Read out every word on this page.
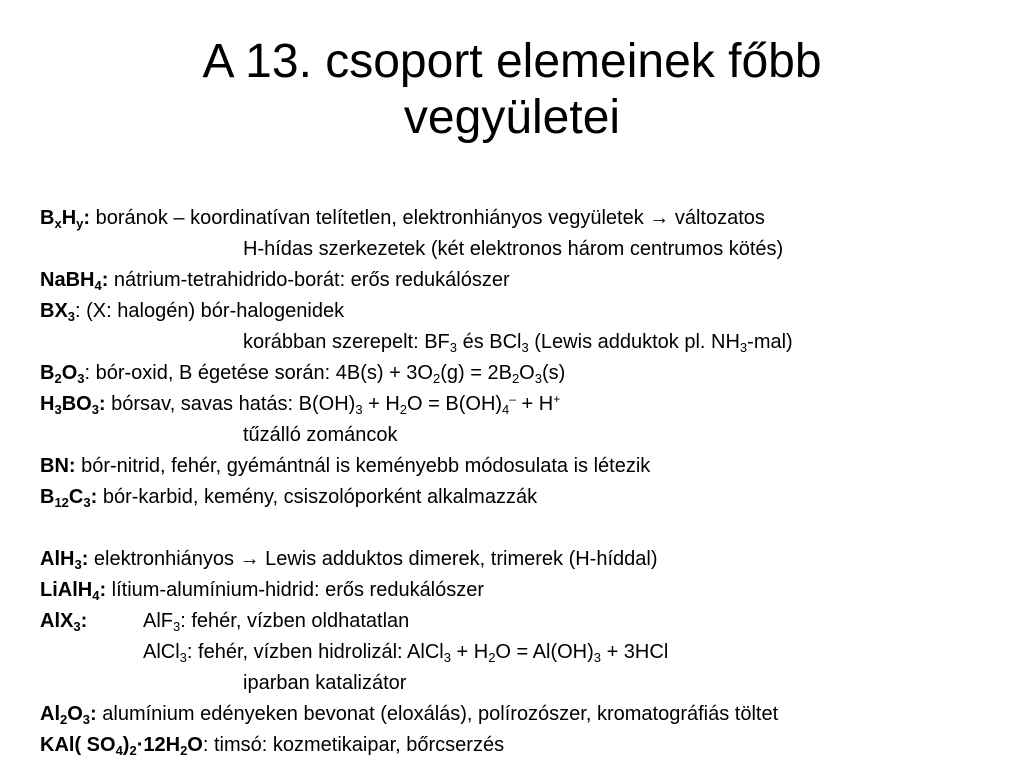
A 13. csoport elemeinek főbb
vegyületei
$B_xH_y$: boránok – koordinatívan telítetlen, elektronhiányos vegyületek → változatos
H-hídas szerkezetek (két elektronos három centrumos kötés)
NaBH$_4$: nátrium-tetrahidrido-borát: erős redukálószer
$BX_3$: (X: halogén) bór-halogenidek
korábban szerepelt: $BF_3$ és BCl$_3$ (Lewis adduktok pl. $NH_3-mal$)
$B_2O_3$: bór-oxid, B égetése során: $4B(s) + 3O_2(g) = 2B_2O_3(s)$
$H_3BO_3$: bórsav, savas hatás: $B(OH)_3 + H_2O = B(OH)_4^- + H^+$
tűzálló zománcok
BN: bór-nitrid, fehér, gyémántnál is keményebb módosulata is létezik
$B_{12}C_3$: bór-karbid, kemény, csiszolóporként alkalmazzák
AlH$_3$: elektronhiányos → Lewis adduktos dimerek, trimerek (H-híddal)
LiAlH$_4$: lítium-alumínium-hidrid: erős redukálószer
AlX$_3$:	AlF$_3$: fehér, vízben oldhatatlan
AlCl$_3$: fehér, vízben hidrolizál: AlCl$_3$ + $H_2O = Al(OH)_3 + 3HCl$
iparban katalizátor
$Al_2O_3$: alumínium edényeken bevonat (eloxálás), polírozószer, kromatográfiás töltet
KAl( $SO_4)_2\cdot 12H_2O$: timsó: kozmetikaipar, bőrcserzés
